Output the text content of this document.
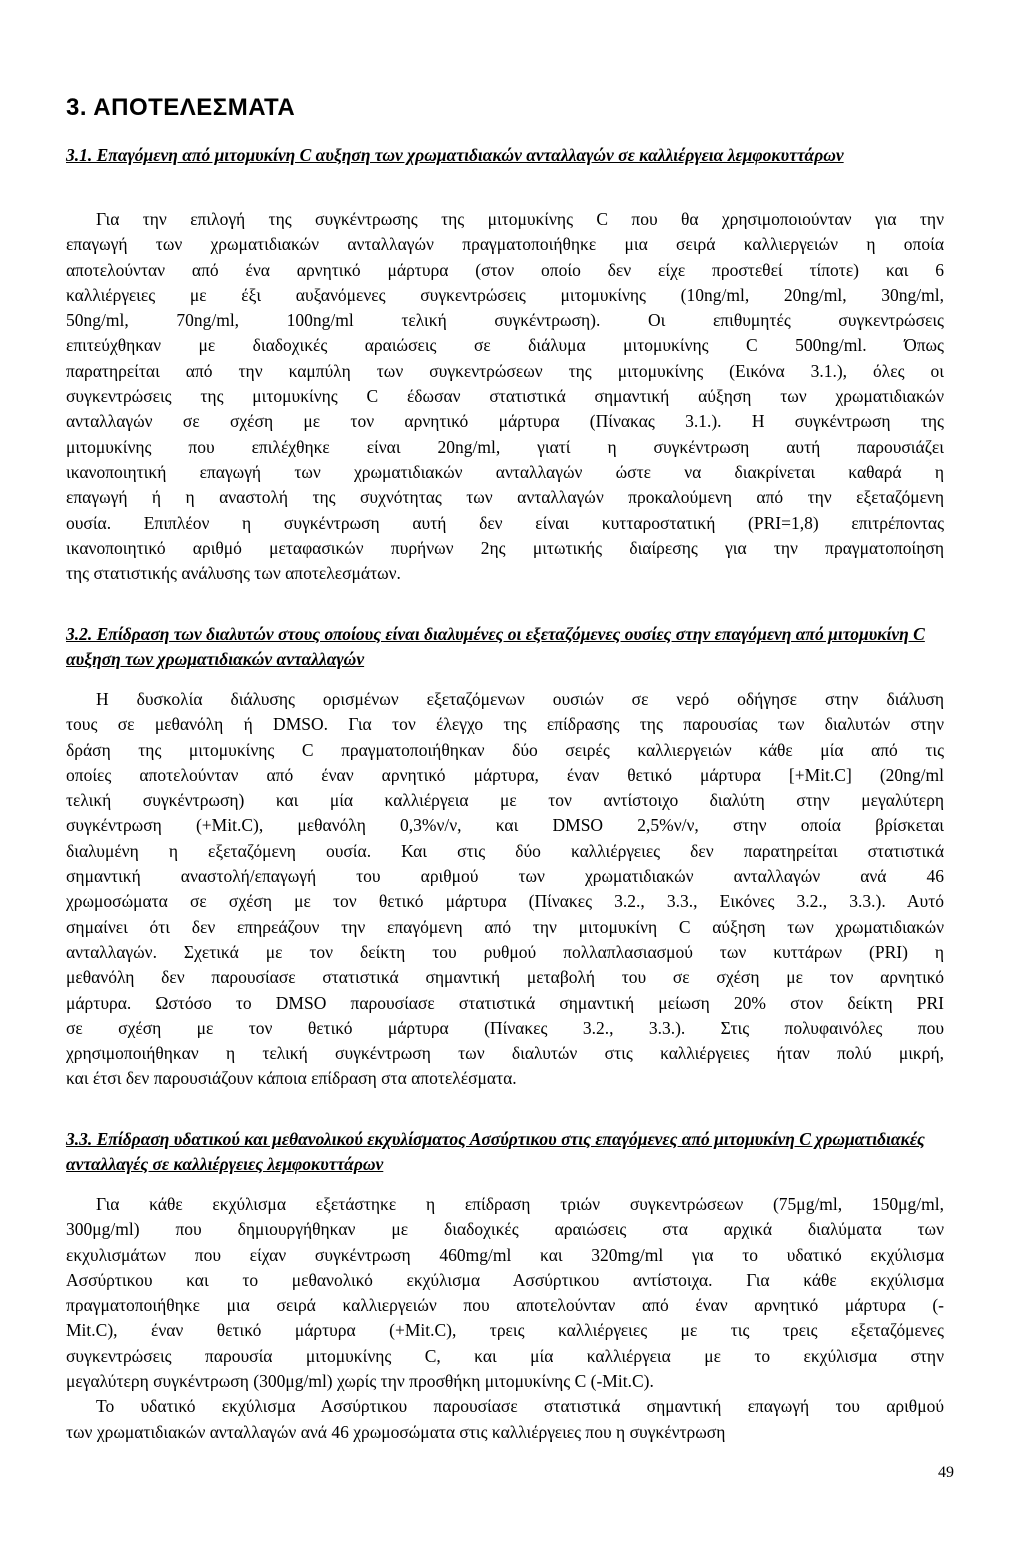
3. ΑΠΟΤΕΛΕΣΜΑΤΑ
3.1. Επαγόμενη από μιτομυκίνη C αυξηση των χρωματιδιακών ανταλλαγών σε καλλιέργεια λεμφοκυττάρων
Για την επιλογή της συγκέντρωσης της μιτομυκίνης C που θα χρησιμοποιούνταν για την
επαγωγή των χρωματιδιακών ανταλλαγών πραγματοποιήθηκε μια σειρά καλλιεργειών η οποία
αποτελούνταν από ένα αρνητικό μάρτυρα (στον οποίο δεν είχε προστεθεί τίποτε) και 6
καλλιέργειες με έξι αυξανόμενες συγκεντρώσεις μιτομυκίνης (10ng/ml, 20ng/ml, 30ng/ml,
50ng/ml, 70ng/ml, 100ng/ml τελική συγκέντρωση). Οι επιθυμητές συγκεντρώσεις
επιτεύχθηκαν με διαδοχικές αραιώσεις σε διάλυμα μιτομυκίνης C 500ng/ml. Όπως
παρατηρείται από την καμπύλη των συγκεντρώσεων της μιτομυκίνης (Εικόνα 3.1.), όλες οι
συγκεντρώσεις της μιτομυκίνης C έδωσαν στατιστικά σημαντική αύξηση των χρωματιδιακών
ανταλλαγών σε σχέση με τον αρνητικό μάρτυρα (Πίνακας 3.1.). Η συγκέντρωση της
μιτομυκίνης που επιλέχθηκε είναι 20ng/ml, γιατί η συγκέντρωση αυτή παρουσιάζει
ικανοποιητική επαγωγή των χρωματιδιακών ανταλλαγών ώστε να διακρίνεται καθαρά η
επαγωγή ή η αναστολή της συχνότητας των ανταλλαγών προκαλούμενη από την εξεταζόμενη
ουσία. Επιπλέον η συγκέντρωση αυτή δεν είναι κυτταροστατική (PRI=1,8) επιτρέποντας
ικανοποιητικό αριθμό μεταφασικών πυρήνων 2ης μιτωτικής διαίρεσης για την πραγματοποίηση
της στατιστικής ανάλυσης των αποτελεσμάτων.
3.2. Επίδραση των διαλυτών στους οποίους είναι διαλυμένες οι εξεταζόμενες ουσίες στην επαγόμενη από μιτομυκίνη C αυξηση των χρωματιδιακών ανταλλαγών
Η δυσκολία διάλυσης ορισμένων εξεταζόμενων ουσιών σε νερό οδήγησε στην διάλυση
τους σε μεθανόλη ή DMSO. Για τον έλεγχο της επίδρασης της παρουσίας των διαλυτών στην
δράση της μιτομυκίνης C πραγματοποιήθηκαν δύο σειρές καλλιεργειών κάθε μία από τις
οποίες αποτελούνταν από έναν αρνητικό μάρτυρα, έναν θετικό μάρτυρα [+Mit.C] (20ng/ml
τελική συγκέντρωση) και μία καλλιέργεια με τον αντίστοιχο διαλύτη στην μεγαλύτερη
συγκέντρωση (+Mit.C), μεθανόλη 0,3%ν/ν, και DMSO 2,5%ν/ν, στην οποία βρίσκεται
διαλυμένη η εξεταζόμενη ουσία. Και στις δύο καλλιέργειες δεν παρατηρείται στατιστικά
σημαντική αναστολή/επαγωγή του αριθμού των χρωματιδιακών ανταλλαγών ανά 46
χρωμοσώματα σε σχέση με τον θετικό μάρτυρα (Πίνακες 3.2., 3.3., Εικόνες 3.2., 3.3.). Αυτό
σημαίνει ότι δεν επηρεάζουν την επαγόμενη από την μιτομυκίνη C αύξηση των χρωματιδιακών
ανταλλαγών. Σχετικά με τον δείκτη του ρυθμού πολλαπλασιασμού των κυττάρων (PRI) η
μεθανόλη δεν παρουσίασε στατιστικά σημαντική μεταβολή του σε σχέση με τον αρνητικό
μάρτυρα. Ωστόσο το DMSO παρουσίασε στατιστικά σημαντική μείωση 20% στον δείκτη PRI
σε σχέση με τον θετικό μάρτυρα (Πίνακες 3.2., 3.3.). Στις πολυφαινόλες που
χρησιμοποιήθηκαν η τελική συγκέντρωση των διαλυτών στις καλλιέργειες ήταν πολύ μικρή,
και έτσι δεν παρουσιάζουν κάποια επίδραση στα αποτελέσματα.
3.3. Επίδραση υδατικού και μεθανολικού εκχυλίσματος Ασσύρτικου στις επαγόμενες από μιτομυκίνη C χρωματιδιακές ανταλλαγές σε καλλιέργειες λεμφοκυττάρων
Για κάθε εκχύλισμα εξετάστηκε η επίδραση τριών συγκεντρώσεων (75μg/ml, 150μg/ml,
300μg/ml) που δημιουργήθηκαν με διαδοχικές αραιώσεις στα αρχικά διαλύματα των
εκχυλισμάτων που είχαν συγκέντρωση 460mg/ml και 320mg/ml για το υδατικό εκχύλισμα
Ασσύρτικου και το μεθανολικό εκχύλισμα Ασσύρτικου αντίστοιχα. Για κάθε εκχύλισμα
πραγματοποιήθηκε μια σειρά καλλιεργειών που αποτελούνταν από έναν αρνητικό μάρτυρα (-
Mit.C), έναν θετικό μάρτυρα (+Mit.C), τρεις καλλιέργειες με τις τρεις εξεταζόμενες
συγκεντρώσεις παρουσία μιτομυκίνης C, και μία καλλιέργεια με το εκχύλισμα στην
μεγαλύτερη συγκέντρωση (300μg/ml) χωρίς την προσθήκη μιτομυκίνης C (-Mit.C).
Το υδατικό εκχύλισμα Ασσύρτικου παρουσίασε στατιστικά σημαντική επαγωγή του αριθμού
των χρωματιδιακών ανταλλαγών ανά 46 χρωμοσώματα στις καλλιέργειες που η συγκέντρωση
49
